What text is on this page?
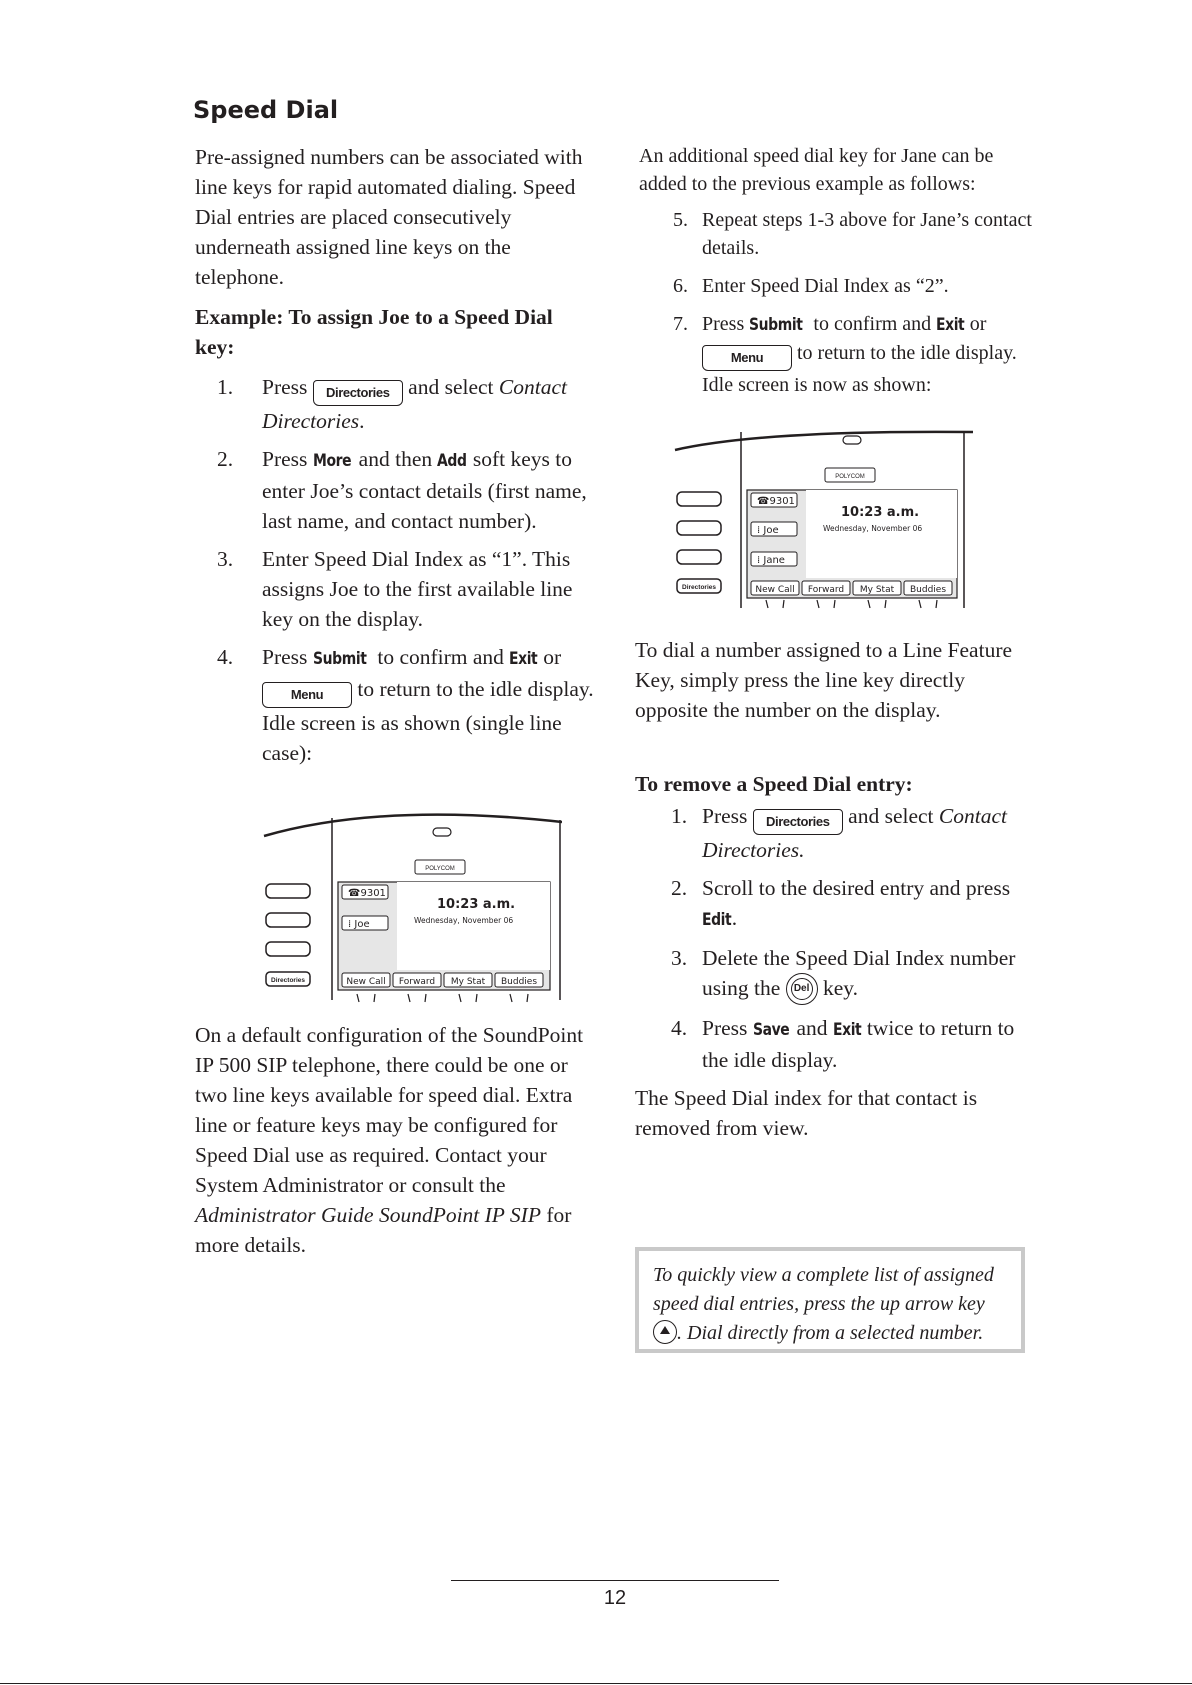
Speed Dial

Pre-assigned numbers can be associated with line keys for rapid automated dialing. Speed Dial entries are placed consecutively underneath assigned line keys on the telephone.

Example: To assign Joe to a Speed Dial key:

1. Press Directories and select Contact Directories.
2. Press More and then Add soft keys to enter Joe’s contact details (first name, last name, and contact number).
3. Enter Speed Dial Index as “1”. This assigns Joe to the first available line key on the display.
4. Press Submit to confirm and Exit or
Menu to return to the idle display. Idle screen is as shown (single line case):
POLYCOM
☎9301
⁞ Joe
10:23 a.m.
Wednesday, November 06
New Call Forward My Stat Buddies
Directories

On a default configuration of the SoundPoint IP 500 SIP telephone, there could be one or two line keys available for speed dial. Extra line or feature keys may be configured for Speed Dial use as required. Contact your System Administrator or consult the Administrator Guide SoundPoint IP SIP for more details.

An additional speed dial key for Jane can be added to the previous example as follows:

5. Repeat steps 1-3 above for Jane’s contact details.
6. Enter Speed Dial Index as “2”.
7. Press Submit to confirm and Exit or
Menu to return to the idle display. Idle screen is now as shown:
POLYCOM
☎9301
⁞ Joe
⁞ Jane
10:23 a.m.
Wednesday, November 06
New Call Forward My Stat Buddies
Directories

To dial a number assigned to a Line Feature Key, simply press the line key directly opposite the number on the display.

To remove a Speed Dial entry:

1. Press Directories and select Contact Directories.
2. Scroll to the desired entry and press Edit.
3. Delete the Speed Dial Index number using the Del key.
4. Press Save and Exit twice to return to the idle display.

The Speed Dial index for that contact is removed from view.

To quickly view a complete list of assigned speed dial entries, press the up arrow key . Dial directly from a selected number.
12
